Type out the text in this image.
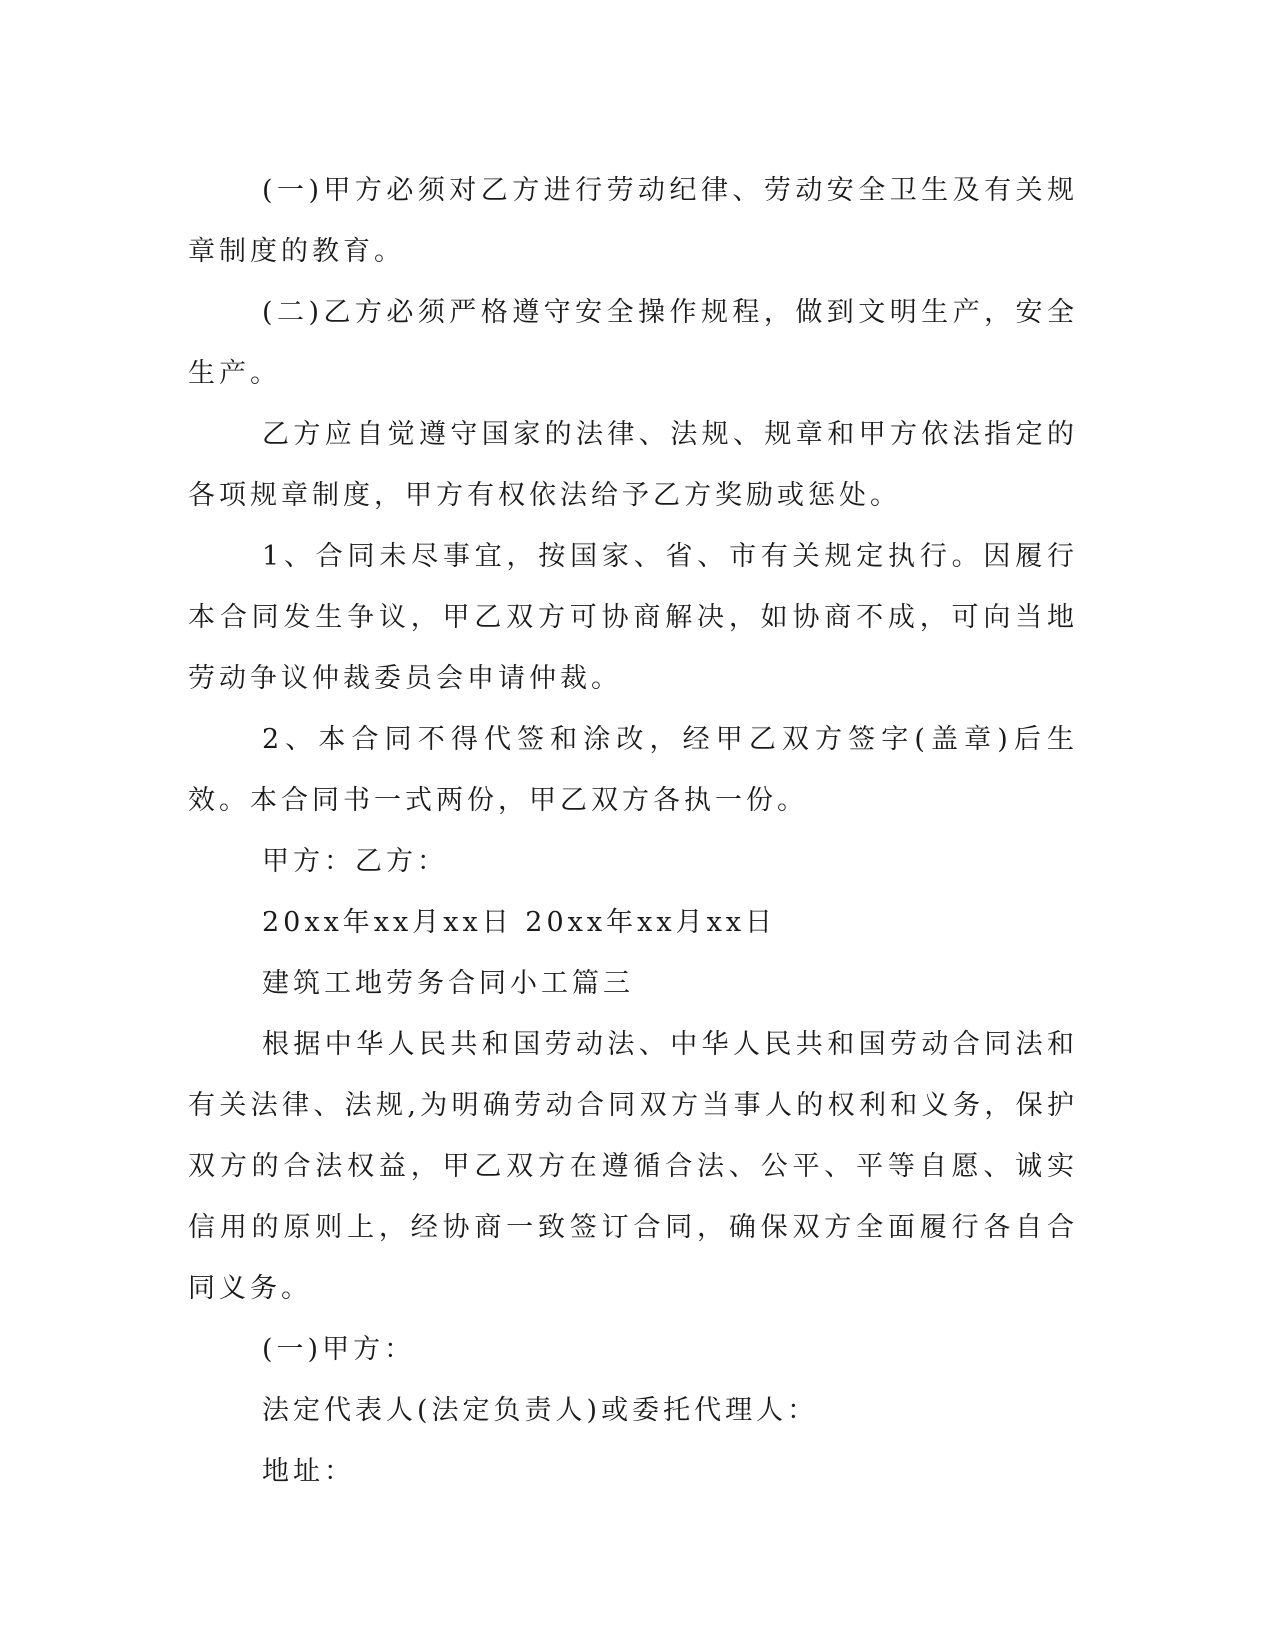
(一)甲方必须对乙方进行劳动纪律、劳动安全卫生及有关规章制度的教育。

(二)乙方必须严格遵守安全操作规程，做到文明生产，安全生产。

乙方应自觉遵守国家的法律、法规、规章和甲方依法指定的各项规章制度，甲方有权依法给予乙方奖励或惩处。

1、合同未尽事宜，按国家、省、市有关规定执行。因履行本合同发生争议，甲乙双方可协商解决，如协商不成，可向当地劳动争议仲裁委员会申请仲裁。

2、本合同不得代签和涂改，经甲乙双方签字(盖章)后生效。本合同书一式两份，甲乙双方各执一份。

甲方：乙方：

20xx年xx月xx日 20xx年xx月xx日

建筑工地劳务合同小工篇三

根据中华人民共和国劳动法、中华人民共和国劳动合同法和有关法律、法规,为明确劳动合同双方当事人的权利和义务，保护双方的合法权益，甲乙双方在遵循合法、公平、平等自愿、诚实信用的原则上，经协商一致签订合同，确保双方全面履行各自合同义务。

(一)甲方：

法定代表人(法定负责人)或委托代理人：

地址：
